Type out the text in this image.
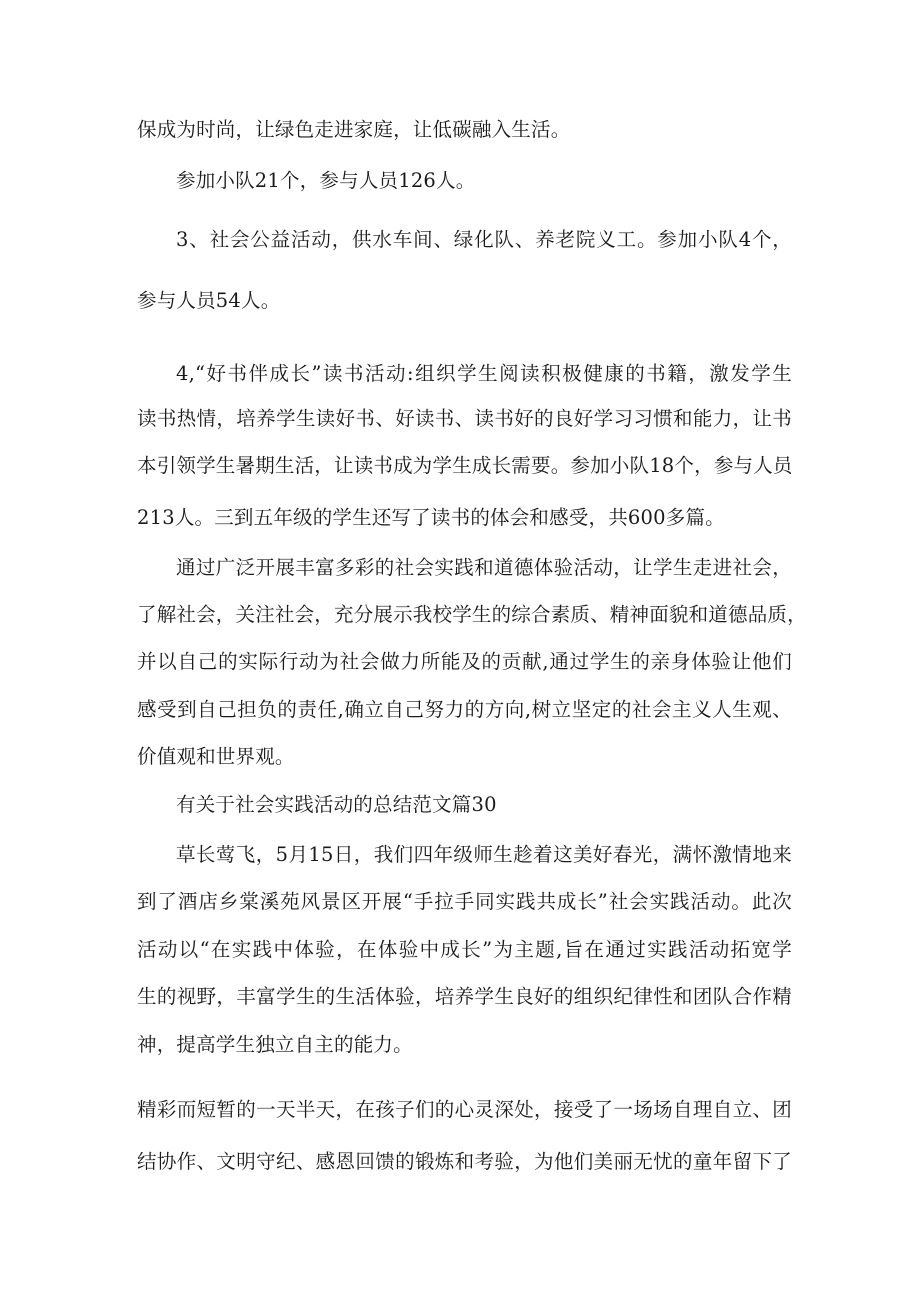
保成为时尚，让绿色走进家庭，让低碳融入生活。
参加小队21个，参与人员126人。
3、社会公益活动，供水车间、绿化队、养老院义工。参加小队4个，
参与人员54人。
4,“好书伴成长”读书活动:组织学生阅读积极健康的书籍，激发学生
读书热情，培养学生读好书、好读书、读书好的良好学习习惯和能力，让书
本引领学生暑期生活，让读书成为学生成长需要。参加小队18个，参与人员
213人。三到五年级的学生还写了读书的体会和感受，共600多篇。
通过广泛开展丰富多彩的社会实践和道德体验活动，让学生走进社会，
了解社会，关注社会，充分展示我校学生的综合素质、精神面貌和道德品质，
并以自己的实际行动为社会做力所能及的贡献,通过学生的亲身体验让他们
感受到自己担负的责任,确立自己努力的方向,树立坚定的社会主义人生观、
价值观和世界观。
有关于社会实践活动的总结范文篇30
草长莺飞，5月15日，我们四年级师生趁着这美好春光，满怀激情地来
到了酒店乡棠溪苑风景区开展“手拉手同实践共成长”社会实践活动。此次
活动以“在实践中体验，在体验中成长”为主题,旨在通过实践活动拓宽学
生的视野，丰富学生的生活体验，培养学生良好的组织纪律性和团队合作精
神，提高学生独立自主的能力。
精彩而短暂的一天半天，在孩子们的心灵深处，接受了一场场自理自立、团
结协作、文明守纪、感恩回馈的锻炼和考验，为他们美丽无忧的童年留下了
